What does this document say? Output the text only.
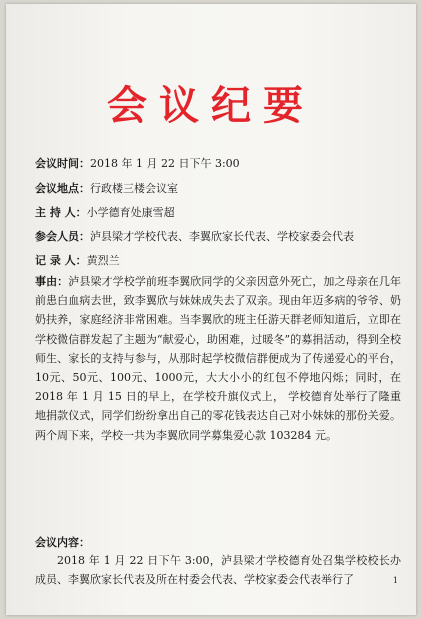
会议纪要
会议时间：2018 年 1 月 22 日下午 3:00
会议地点：行政楼三楼会议室
主 持 人：小学德育处康雪超
参会人员：泸县梁才学校代表、李翼欣家长代表、学校家委会代表
记 录 人：黄烈兰
事由：泸县梁才学校学前班李翼欣同学的父亲因意外死亡，加之母亲在几年前患白血病去世，致李翼欣与妹妹成失去了双亲。现由年迈多病的爷爷、奶奶扶养，家庭经济非常困难。当李翼欣的班主任游天群老师知道后，立即在学校微信群发起了主题为“献爱心，助困难，过暖冬”的募捐活动，得到全校师生、家长的支持与参与，从那时起学校微信群便成为了传递爱心的平台，10元、50元、100元、1000元，大大小小的红包不停地闪烁；同时，在 2018 年 1 月 15 日的早上，在学校升旗仪式上， 学校德育处举行了隆重地捐款仪式，同学们纷纷拿出自己的零花钱表达自己对小妹妹的那份关爱。两个周下来，学校一共为李翼欣同学募集爱心款 103284 元。
会议内容：
2018 年 1 月 22 日下午 3:00，泸县梁才学校德育处召集学校校长办成员、李翼欣家长代表及所在村委会代表、学校家委会代表举行了	1
